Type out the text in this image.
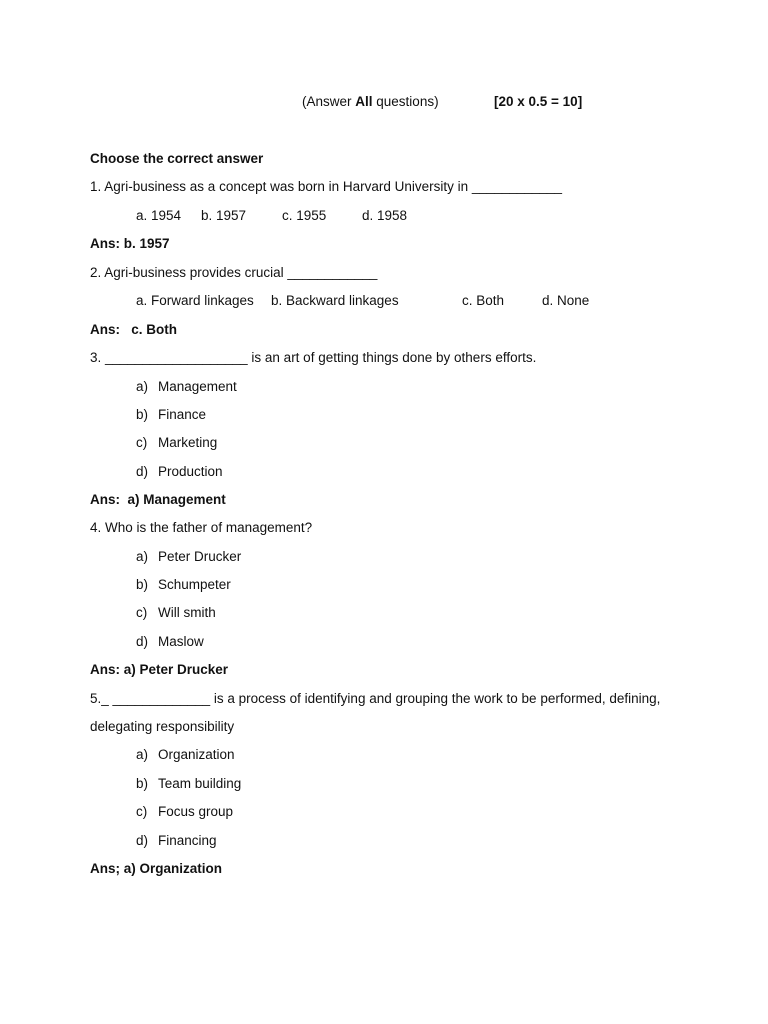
(Answer All questions)	[20 x 0.5 = 10]
Choose the correct answer
1. Agri-business as a concept was born in Harvard University in ____________
a. 1954 b. 1957	c. 1955	d. 1958
Ans: b. 1957
2. Agri-business provides crucial ____________
a. Forward linkages b. Backward linkages	c. Both	d. None
Ans:   c. Both
3. ___________________ is an art of getting things done by others efforts.
a) Management
b) Finance
c) Marketing
d) Production
Ans:  a) Management
4. Who is the father of management?
a) Peter Drucker
b) Schumpeter
c) Will smith
d) Maslow
Ans: a) Peter Drucker
5._ _____________ is a process of identifying and grouping the work to be performed, defining,
delegating responsibility
a) Organization
b) Team building
c) Focus group
d) Financing
Ans; a) Organization
